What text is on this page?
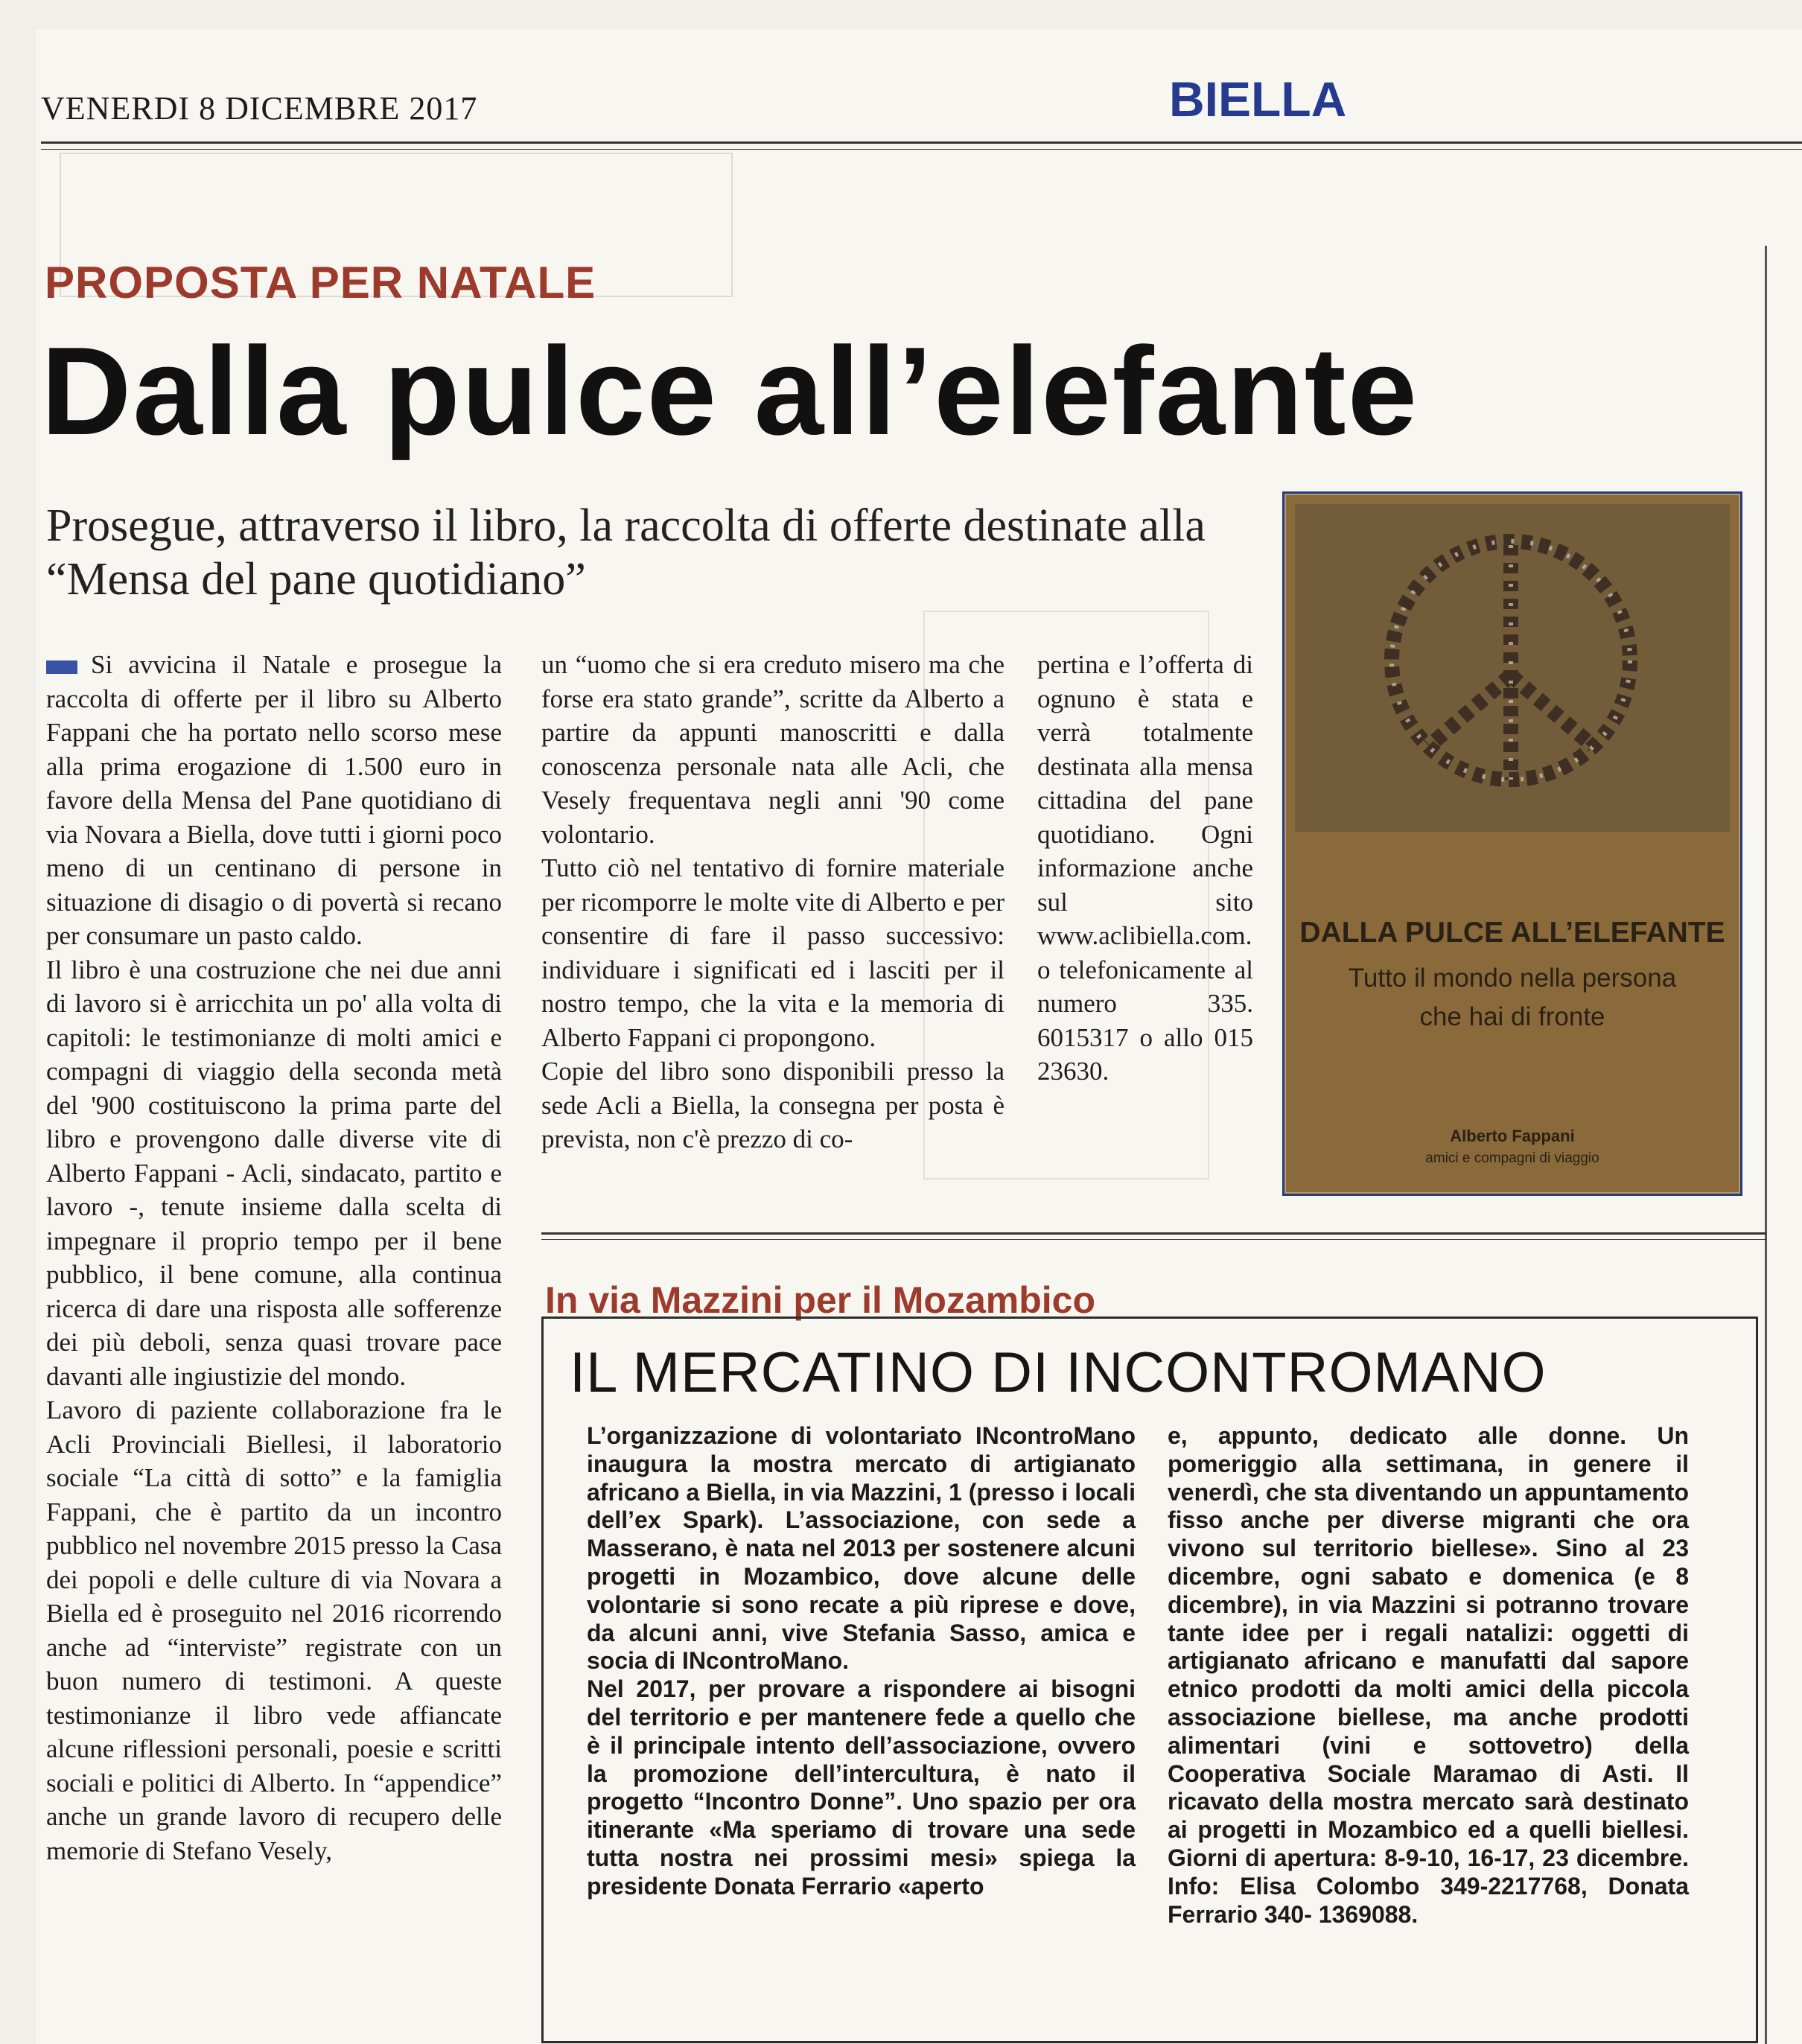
VENERDI 8 DICEMBRE 2017	BIELLA
PROPOSTA PER NATALE
Dalla pulce all’elefante
Prosegue, attraverso il libro, la raccolta di offerte destinate alla “Mensa del pane quotidiano”

Si avvicina il Natale e prosegue la raccolta di offerte per il libro su Alberto Fappani che ha portato nello scorso mese alla prima erogazione di 1.500 euro in favore della Mensa del Pane quotidiano di via Novara a Biella, dove tutti i giorni poco meno di un centinano di persone in situazione di disagio o di povertà si recano per consumare un pasto caldo.

Il libro è una costruzione che nei due anni di lavoro si è arricchita un po' alla volta di capitoli: le testimonianze di molti amici e compagni di viaggio della seconda metà del '900 costituiscono la prima parte del libro e provengono dalle diverse vite di Alberto Fappani - Acli, sindacato, partito e lavoro -, tenute insieme dalla scelta di impegnare il proprio tempo per il bene pubblico, il bene comune, alla continua ricerca di dare una risposta alle sofferenze dei più deboli, senza quasi trovare pace davanti alle ingiustizie del mondo.

Lavoro di paziente collaborazione fra le Acli Provinciali Biellesi, il laboratorio sociale “La città di sotto” e la famiglia Fappani, che è partito da un incontro pubblico nel novembre 2015 presso la Casa dei popoli e delle culture di via Novara a Biella ed è proseguito nel 2016 ricorrendo anche ad “interviste” registrate con un buon numero di testimoni. A queste testimonianze il libro vede affiancate alcune riflessioni personali, poesie e scritti sociali e politici di Alberto. In “appendice” anche un grande lavoro di recupero delle memorie di Stefano Vesely,

un “uomo che si era creduto misero ma che forse era stato grande”, scritte da Alberto a partire da appunti manoscritti e dalla conoscenza personale nata alle Acli, che Vesely frequentava negli anni '90 come volontario.

Tutto ciò nel tentativo di fornire materiale per ricomporre le molte vite di Alberto e per consentire di fare il passo successivo: individuare i significati ed i lasciti per il nostro tempo, che la vita e la memoria di Alberto Fappani ci propongono.

Copie del libro sono disponibili presso la sede Acli a Biella, la consegna per posta è prevista, non c'è prezzo di co-

pertina e l’offerta di ognuno è stata e verrà totalmente destinata alla mensa cittadina del pane quotidiano. Ogni informazione anche sul sito www.aclibiella.com. o telefonicamente al numero 335. 6015317 o allo 015 23630.

DALLA PULCE ALL’ELEFANTE
Tutto il mondo nella persona
che hai di fronte
Alberto Fappani
amici e compagni di viaggio
In via Mazzini per il Mozambico
IL MERCATINO DI INCONTROMANO

L’organizzazione di volontariato INcontroMano inaugura la mostra mercato di artigianato africano a Biella, in via Mazzini, 1 (presso i locali dell’ex Spark). L’associazione, con sede a Masserano, è nata nel 2013 per sostenere alcuni progetti in Mozambico, dove alcune delle volontarie si sono recate a più riprese e dove, da alcuni anni, vive Stefania Sasso, amica e socia di INcontroMano.

Nel 2017, per provare a rispondere ai bisogni del territorio e per mantenere fede a quello che è il principale intento dell’associazione, ovvero la promozione dell’intercultura, è nato il progetto “Incontro Donne”. Uno spazio per ora itinerante «Ma speriamo di trovare una sede tutta nostra nei prossimi mesi» spiega la presidente Donata Ferrario «aperto

e, appunto, dedicato alle donne. Un pomeriggio alla settimana, in genere il venerdì, che sta diventando un appuntamento fisso anche per diverse migranti che ora vivono sul territorio biellese». Sino al 23 dicembre, ogni sabato e domenica (e 8 dicembre), in via Mazzini si potranno trovare tante idee per i regali natalizi: oggetti di artigianato africano e manufatti dal sapore etnico prodotti da molti amici della piccola associazione biellese, ma anche prodotti alimentari (vini e sottovetro) della Cooperativa Sociale Maramao di Asti. Il ricavato della mostra mercato sarà destinato ai progetti in Mozambico ed a quelli biellesi. Giorni di apertura: 8-9-10, 16-17, 23 dicembre. Info: Elisa Colombo 349-2217768, Donata Ferrario 340- 1369088.
